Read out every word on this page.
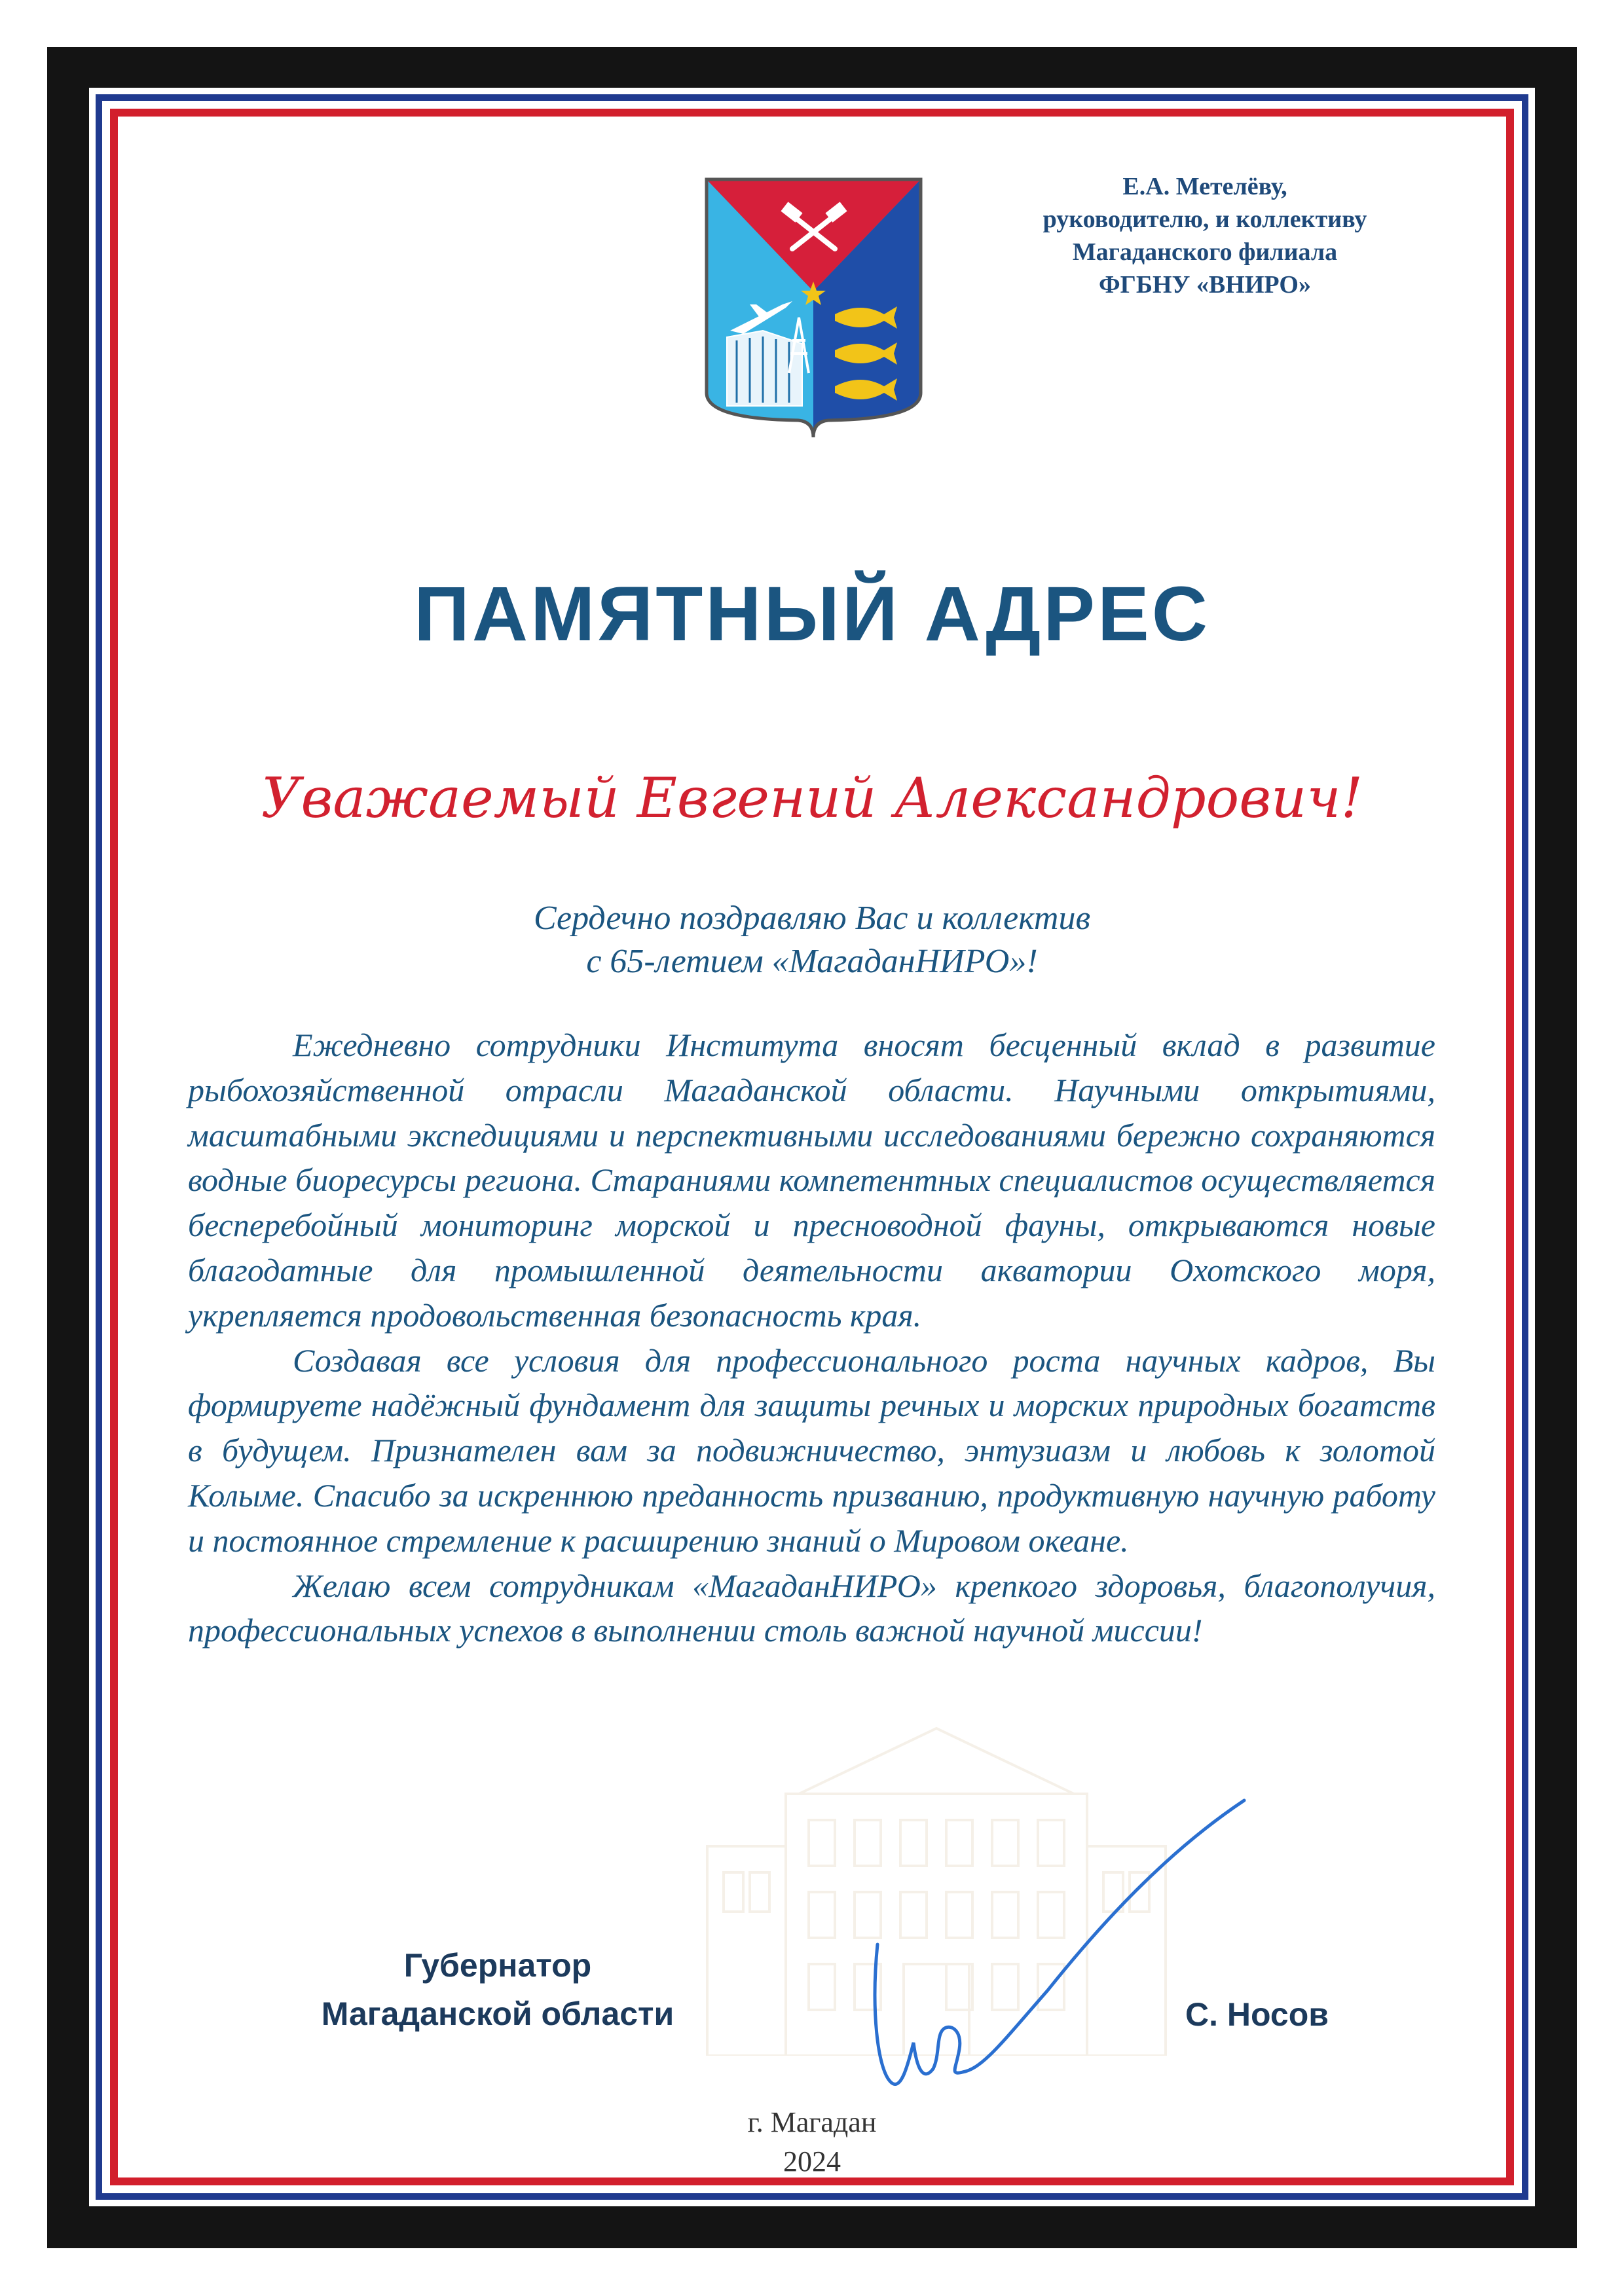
Е.А. Метелёву,
руководителю, и коллективу
Магаданского филиала
ФГБНУ «ВНИРО»
ПАМЯТНЫЙ АДРЕС
Уважаемый Евгений Александрович!
Сердечно поздравляю Вас и коллектив
с 65-летием «МагаданНИРО»!

Ежедневно сотрудники Института вносят бесценный вклад в развитие рыбохозяйственной отрасли Магаданской области. Научными открытиями, масштабными экспедициями и перспективными исследованиями бережно сохраняются водные биоресурсы региона. Стараниями компетентных специалистов осуществляется бесперебойный мониторинг морской и пресноводной фауны, открываются новые благодатные для промышленной деятельности акватории Охотского моря, укрепляется продовольственная безопасность края.

Создавая все условия для профессионального роста научных кадров, Вы формируете надёжный фундамент для защиты речных и морских природных богатств в будущем. Признателен вам за подвижничество, энтузиазм и любовь к золотой Колыме. Спасибо за искреннюю преданность призванию, продуктивную научную работу и постоянное стремление к расширению знаний о Мировом океане.

Желаю всем сотрудникам «МагаданНИРО» крепкого здоровья, благополучия, профессиональных успехов в выполнении столь важной научной миссии!

Губернатор
Магаданской области	С. Носов
г. Магадан
2024
